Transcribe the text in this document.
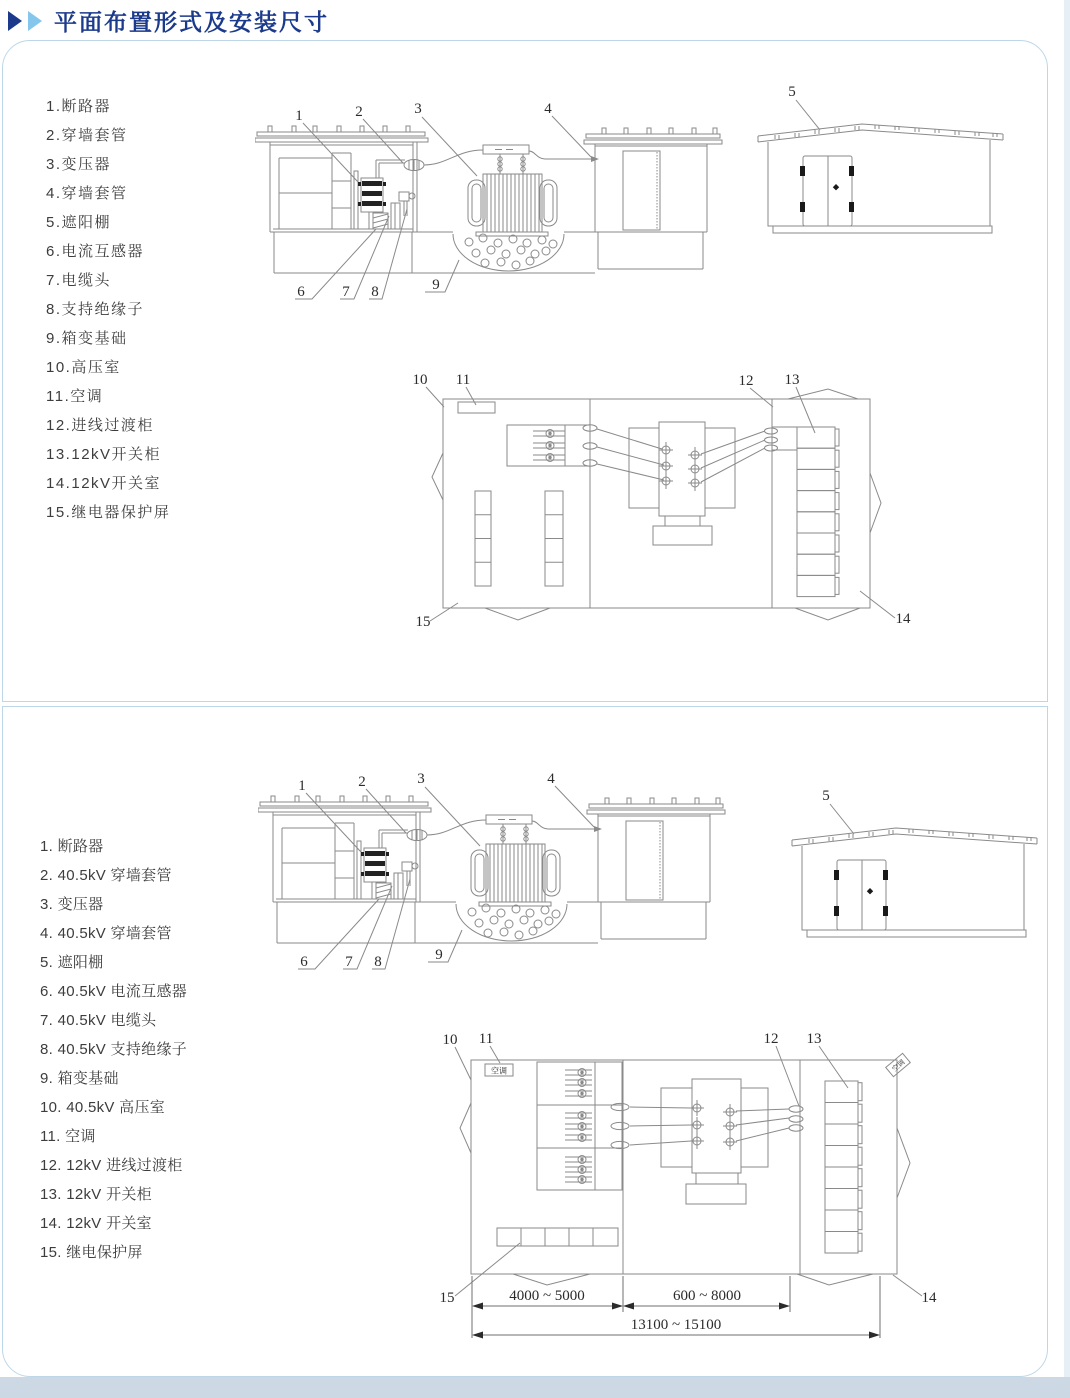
平面布置形式及安装尺寸
1.断路器
2.穿墙套管
3.变压器
4.穿墙套管
5.遮阳棚
6.电流互感器
7.电缆头
8.支持绝缘子
9.箱变基础
10.高压室
11.空调
12.进线过渡柜
13.12kV开关柜
14.12kV开关室
15.继电器保护屏
1. 断路器
2. 40.5kV 穿墙套管
3. 变压器
4. 40.5kV 穿墙套管
5. 遮阳棚
6. 40.5kV 电流互感器
7. 40.5kV 电缆头
8. 40.5kV 支持绝缘子
9. 箱变基础
10. 40.5kV 高压室
11. 空调
12. 12kV 进线过渡柜
13. 12kV 开关柜
14. 12kV 开关室
15. 继电保护屏
10 11	12 13
15	14
空调	空调
10 11	12 13
15	14
4000 ~ 5000	600 ~ 8000
13100 ~ 15100
